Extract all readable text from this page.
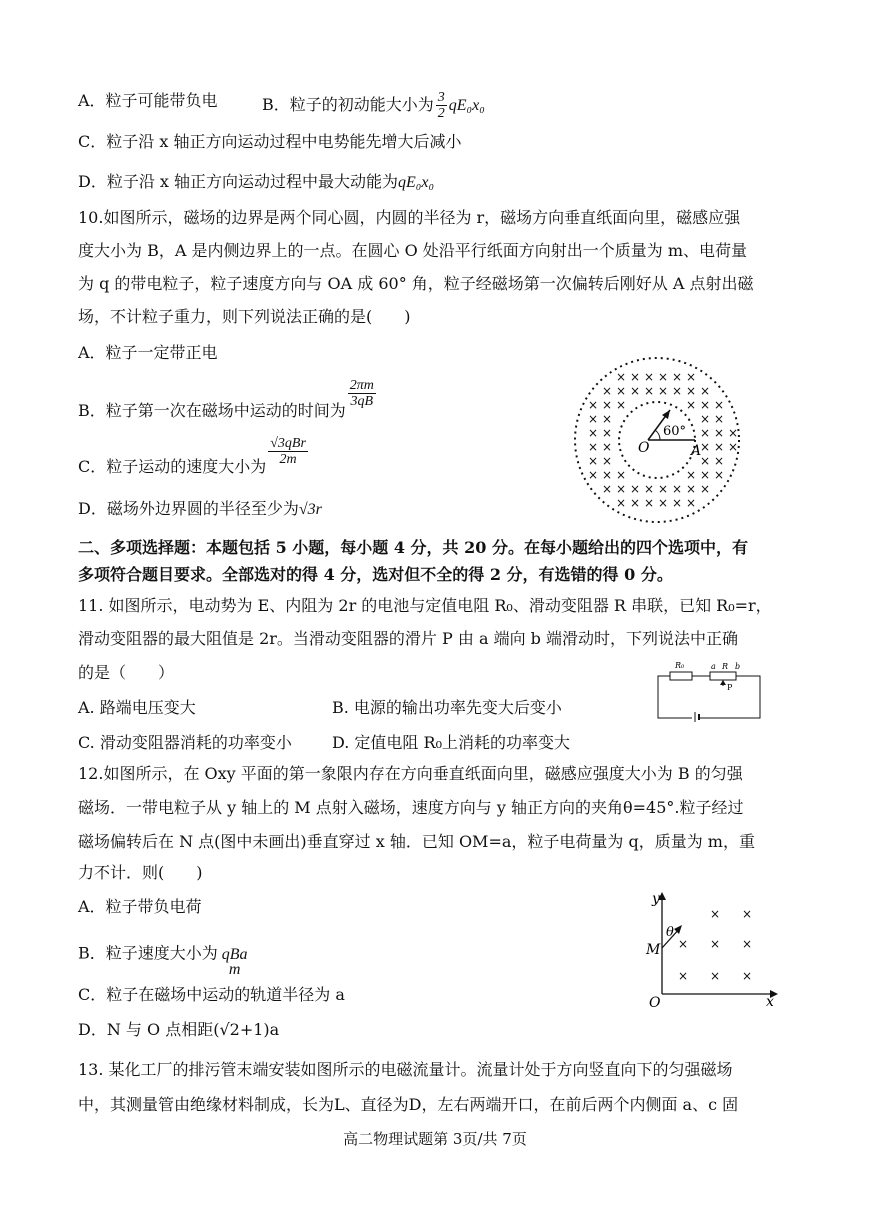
A．粒子可能带负电	B．粒子的初动能大小为 $\frac{3}{2} qE_0x_0$
C．粒子沿 x 轴正方向运动过程中电势能先增大后减小
D．粒子沿 x 轴正方向运动过程中最大动能为qE₀x₀
10.如图所示，磁场的边界是两个同心圆，内圆的半径为 r，磁场方向垂直纸面向里，磁感应强
度大小为 B，A 是内侧边界上的一点。在圆心 O 处沿平行纸面方向射出一个质量为 m、电荷量
为 q 的带电粒子，粒子速度方向与 OA 成 60° 角，粒子经磁场第一次偏转后刚好从 A 点射出磁
场，不计粒子重力，则下列说法正确的是(　　)
A．粒子一定带正电
B．粒子第一次在磁场中运动的时间为
$\frac{2\pi m}{3qB}$
C．粒子运动的速度大小为 $\frac{\text{√3qBr}}{2m}$
D．磁场外边界圆的半径至少为√3r
× × × × × ×
× × × × × × × ×
× × ×	× × ×
× ×	× ×
× ×	× × ×
× ×	× × ×
× ×	× ×
× × ×	× × ×
× × × × × × × ×
× × × × × ×
O	A
60°
二、多项选择题：本题包括 5 小题，每小题 4 分，共 20 分。在每小题给出的四个选项中，有
多项符合题目要求。全部选对的得 4 分，选对但不全的得 2 分，有选错的得 0 分。
11. 如图所示，电动势为 E、内阻为 2r 的电池与定值电阻 R₀、滑动变阻器 R 串联，已知 R₀=r，
滑动变阻器的最大阻值是 2r。当滑动变阻器的滑片 P 由 a 端向 b 端滑动时，下列说法中正确
的是（　　）
A. 路端电压变大	B. 电源的输出功率先变大后变小
C. 滑动变阻器消耗的功率变小	D. 定值电阻 R₀上消耗的功率变大
R₀	a R b
P
12.如图所示，在 Oxy 平面的第一象限内存在方向垂直纸面向里，磁感应强度大小为 B 的匀强
磁场．一带电粒子从 y 轴上的 M 点射入磁场，速度方向与 y 轴正方向的夹角θ=45°.粒子经过
磁场偏转后在 N 点(图中未画出)垂直穿过 x 轴．已知 OM=a，粒子电荷量为 q，质量为 m，重
力不计．则(　　)
A．粒子带负电荷
B．粒子速度大小为 qBa
m
C．粒子在磁场中运动的轨道半径为 a
D．N 与 O 点相距(√2+1)a
× ×
× × ×
× × ×
y
x
O
M
θ
13. 某化工厂的排污管末端安装如图所示的电磁流量计。流量计处于方向竖直向下的匀强磁场
中，其测量管由绝缘材料制成，长为L、直径为D，左右两端开口，在前后两个内侧面 a、c 固
高二物理试题第 3页/共 7页
